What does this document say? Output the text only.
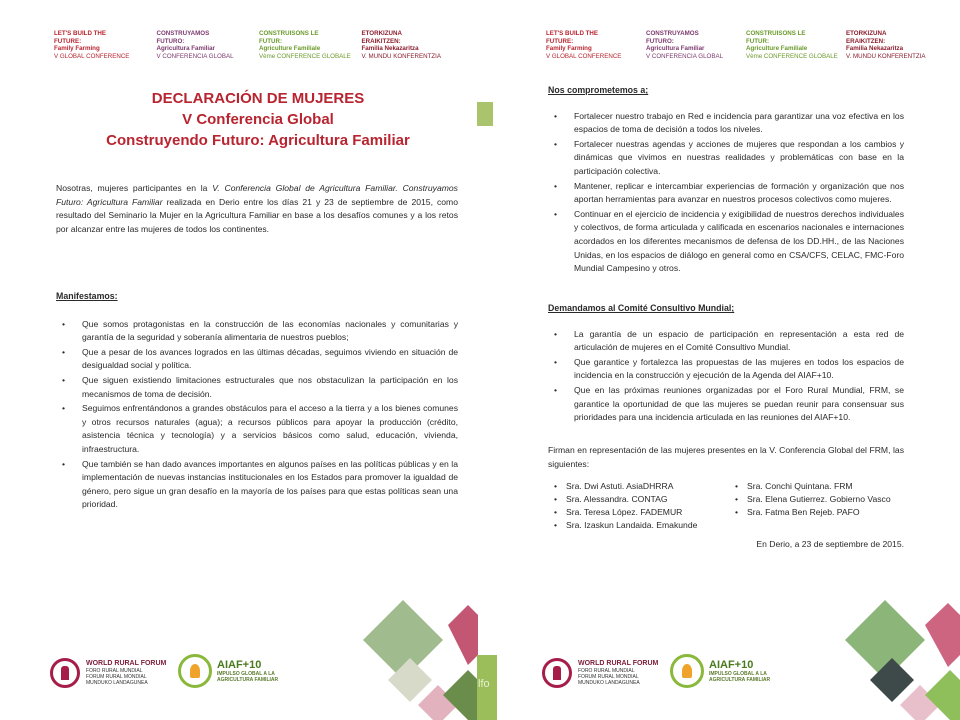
LET'S BUILD THE
FUTURE:
Family Farming
V GLOBAL CONFERENCE
CONSTRUYAMOS
FUTURO:
Agricultura Familiar
V CONFERENCIA GLOBAL
CONSTRUISONS LE
FUTUR:
Agriculture Familiale
Vème CONFERENCE GLOBALE
ETORKIZUNA
ERAIKITZEN:
Familia Nekazaritza
V. MUNDU KONFERENTZIA
DECLARACIÓN DE MUJERES
V Conferencia Global
Construyendo Futuro: Agricultura Familiar
Nosotras, mujeres participantes en la V. Conferencia Global de Agricultura Familiar. Construyamos Futuro: Agricultura Familiar realizada en Derio entre los días 21 y 23 de septiembre de 2015, como resultado del Seminario la Mujer en la Agricultura Familiar en base a los desafíos comunes y a los retos por alcanzar entre las mujeres de todos los continentes.
Manifestamos:
• Que somos protagonistas en la construcción de las economías nacionales y comunitarias y garantía de la seguridad y soberanía alimentaria de nuestros pueblos;
• Que a pesar de los avances logrados en las últimas décadas, seguimos viviendo en situación de desigualdad social y política.
• Que siguen existiendo limitaciones estructurales que nos obstaculizan la participación en los mecanismos de toma de decisión.
• Seguimos enfrentándonos a grandes obstáculos para el acceso a la tierra y a los bienes comunes y otros recursos naturales (agua); a recursos públicos para apoyar la producción (crédito, asistencia técnica y tecnología) y a servicios básicos como salud, educación, vivienda, infraestructura.
• Que también se han dado avances importantes en algunos países en las políticas públicas y en la implementación de nuevas instancias institucionales en los Estados para promover la igualdad de género, pero sigue un gran desafío en la mayoría de los países para que estas políticas sean una prioridad.
WORLD RURAL FORUM
FORO RURAL MUNDIAL
FORUM RURAL MONDIAL
MUNDUKO LANDAGUNEA
AIAF+10
IMPULSO GLOBAL A LA
AGRICULTURA FAMILIAR	lfo
LET'S BUILD THE
FUTURE:
Family Farming
V GLOBAL CONFERENCE
CONSTRUYAMOS
FUTURO:
Agricultura Familiar
V CONFERENCIA GLOBAL
CONSTRUISONS LE
FUTUR:
Agriculture Familiale
Vème CONFERENCE GLOBALE
ETORKIZUNA
ERAIKITZEN:
Familia Nekazaritza
V. MUNDU KONFERENTZIA
Nos comprometemos a;
• Fortalecer nuestro trabajo en Red e incidencia para garantizar una voz efectiva en los espacios de toma de decisión a todos los niveles.
• Fortalecer nuestras agendas y acciones de mujeres que respondan a los cambios y dinámicas que vivimos en nuestras realidades y problemáticas con base en la participación colectiva.
• Mantener, replicar e intercambiar experiencias de formación y organización que nos aportan herramientas para avanzar en nuestros procesos colectivos como mujeres.
• Continuar en el ejercicio de incidencia y exigibilidad de nuestros derechos individuales y colectivos, de forma articulada y calificada en escenarios nacionales e internaciones acordados en los diferentes mecanismos de defensa de los DD.HH., de las Naciones Unidas, en los espacios de diálogo en general como en CSA/CFS, CELAC, FMC-Foro Mundial Campesino y otros.
Demandamos al Comité Consultivo Mundial;
• La garantía de un espacio de participación en representación a esta red de articulación de mujeres en el Comité Consultivo Mundial.
• Que garantice y fortalezca las propuestas de las mujeres en todos los espacios de incidencia en la construcción y ejecución de la Agenda del AIAF+10.
• Que en las próximas reuniones organizadas por el Foro Rural Mundial, FRM, se garantice la oportunidad de que las mujeres se puedan reunir para consensuar sus prioridades para una incidencia articulada en las reuniones del AIAF+10.
Firman en representación de las mujeres presentes en la V. Conferencia Global del FRM, las siguientes:
• Sra. Dwi Astuti. AsiaDHRRA
• Sra. Alessandra. CONTAG
• Sra. Teresa López. FADEMUR
• Sra. Izaskun Landaida. Emakunde
• Sra. Conchi Quintana. FRM
• Sra. Elena Gutierrez. Gobierno Vasco
• Sra. Fatma Ben Rejeb. PAFO
En Derio, a 23 de septiembre de 2015.
WORLD RURAL FORUM
FORO RURAL MUNDIAL
FORUM RURAL MONDIAL
MUNDUKO LANDAGUNEA
AIAF+10
IMPULSO GLOBAL A LA
AGRICULTURA FAMILIAR
